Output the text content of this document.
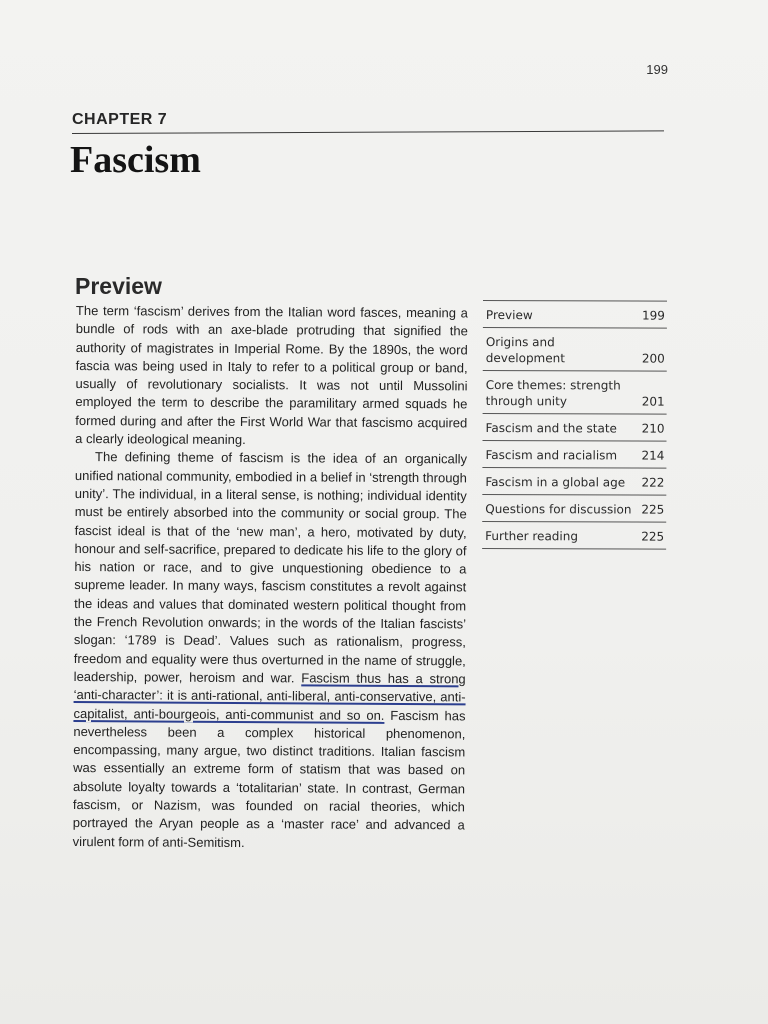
199
CHAPTER 7
Fascism
Preview

The term ‘fascism’ derives from the Italian word fasces, meaning a bundle of rods with an axe-blade protruding that signified the authority of magistrates in Imperial Rome. By the 1890s, the word fascia was being used in Italy to refer to a political group or band, usually of revolutionary socialists. It was not until Mussolini employed the term to describe the paramilitary armed squads he formed during and after the First World War that fascismo acquired a clearly ideological meaning.

The defining theme of fascism is the idea of an organically unified national community, embodied in a belief in ‘strength through unity’. The individual, in a literal sense, is nothing; individual identity must be entirely absorbed into the community or social group. The fascist ideal is that of the ‘new man’, a hero, motivated by duty, honour and self-sacrifice, prepared to dedicate his life to the glory of his nation or race, and to give unquestioning obedience to a supreme leader. In many ways, fascism constitutes a revolt against the ideas and values that dominated western political thought from the French Revolution onwards; in the words of the Italian fascists’ slogan: ‘1789 is Dead’. Values such as rationalism, progress, freedom and equality were thus overturned in the name of struggle, leadership, power, heroism and war. Fascism thus has a strong ‘anti-character’: it is anti-rational, anti-liberal, anti-conservative, anti-capitalist, anti-bourgeois, anti-communist and so on. Fascism has nevertheless been a complex historical phenomenon, encompassing, many argue, two distinct traditions. Italian fascism was essentially an extreme form of statism that was based on absolute loyalty towards a ‘totalitarian’ state. In contrast, German fascism, or Nazism, was founded on racial theories, which portrayed the Aryan people as a ‘master race’ and advanced a virulent form of anti-Semitism.

Preview	199
Origins and development	200
Core themes: strength through unity	201
Fascism and the state	210
Fascism and racialism	214
Fascism in a global age	222
Questions for discussion 225
Further reading	225
